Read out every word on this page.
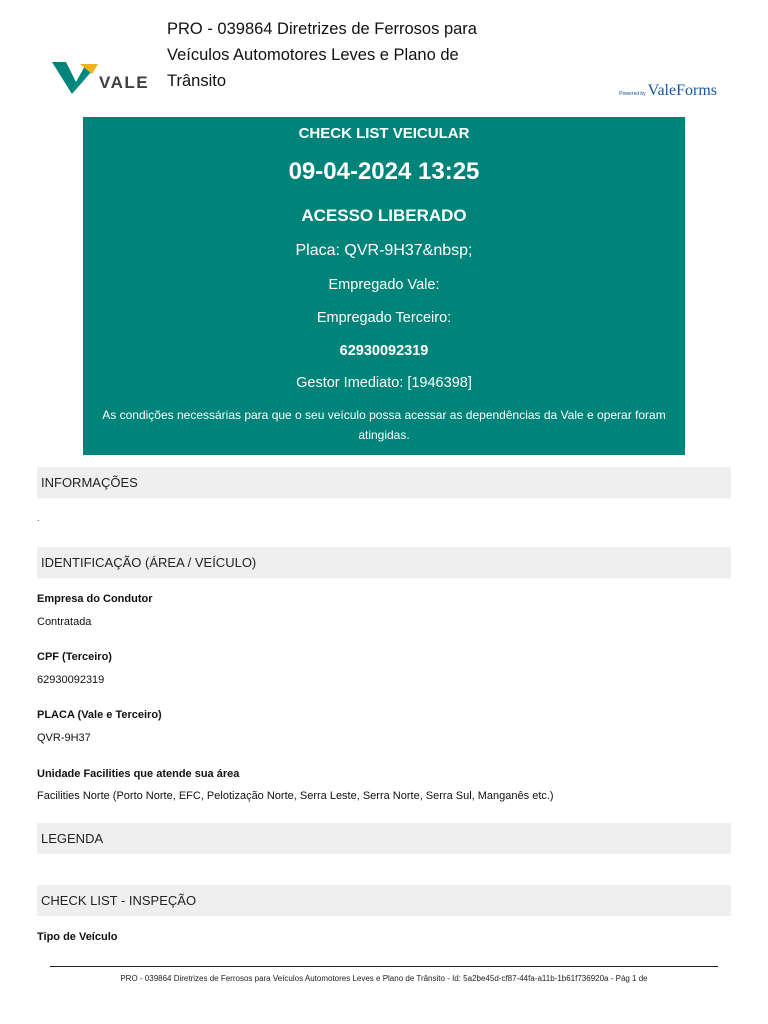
VALE
PRO - 039864 Diretrizes de Ferrosos para Veículos Automotores Leves e Plano de Trânsito
Powered by ValeForms
CHECK LIST VEICULAR
09-04-2024 13:25
ACESSO LIBERADO
Placa: QVR-9H37&nbsp;
Empregado Vale:
Empregado Terceiro:
62930092319
Gestor Imediato: [1946398]
As condições necessárias para que o seu veículo possa acessar as dependências da Vale e operar foram atingidas.
INFORMAÇÕES
.
IDENTIFICAÇÃO (ÁREA / VEÍCULO)
Empresa do Condutor
Contratada
CPF (Terceiro)
62930092319
PLACA (Vale e Terceiro)
QVR-9H37
Unidade Facilities que atende sua área
Facilities Norte (Porto Norte, EFC, Pelotização Norte, Serra Leste, Serra Norte, Serra Sul, Manganês etc.)
LEGENDA
CHECK LIST - INSPEÇÃO
Tipo de Veículo
PRO - 039864 Diretrizes de Ferrosos para Veículos Automotores Leves e Plano de Trânsito - Id: 5a2be45d-cf87-44fa-a11b-1b61f736920a - Pág 1 de
